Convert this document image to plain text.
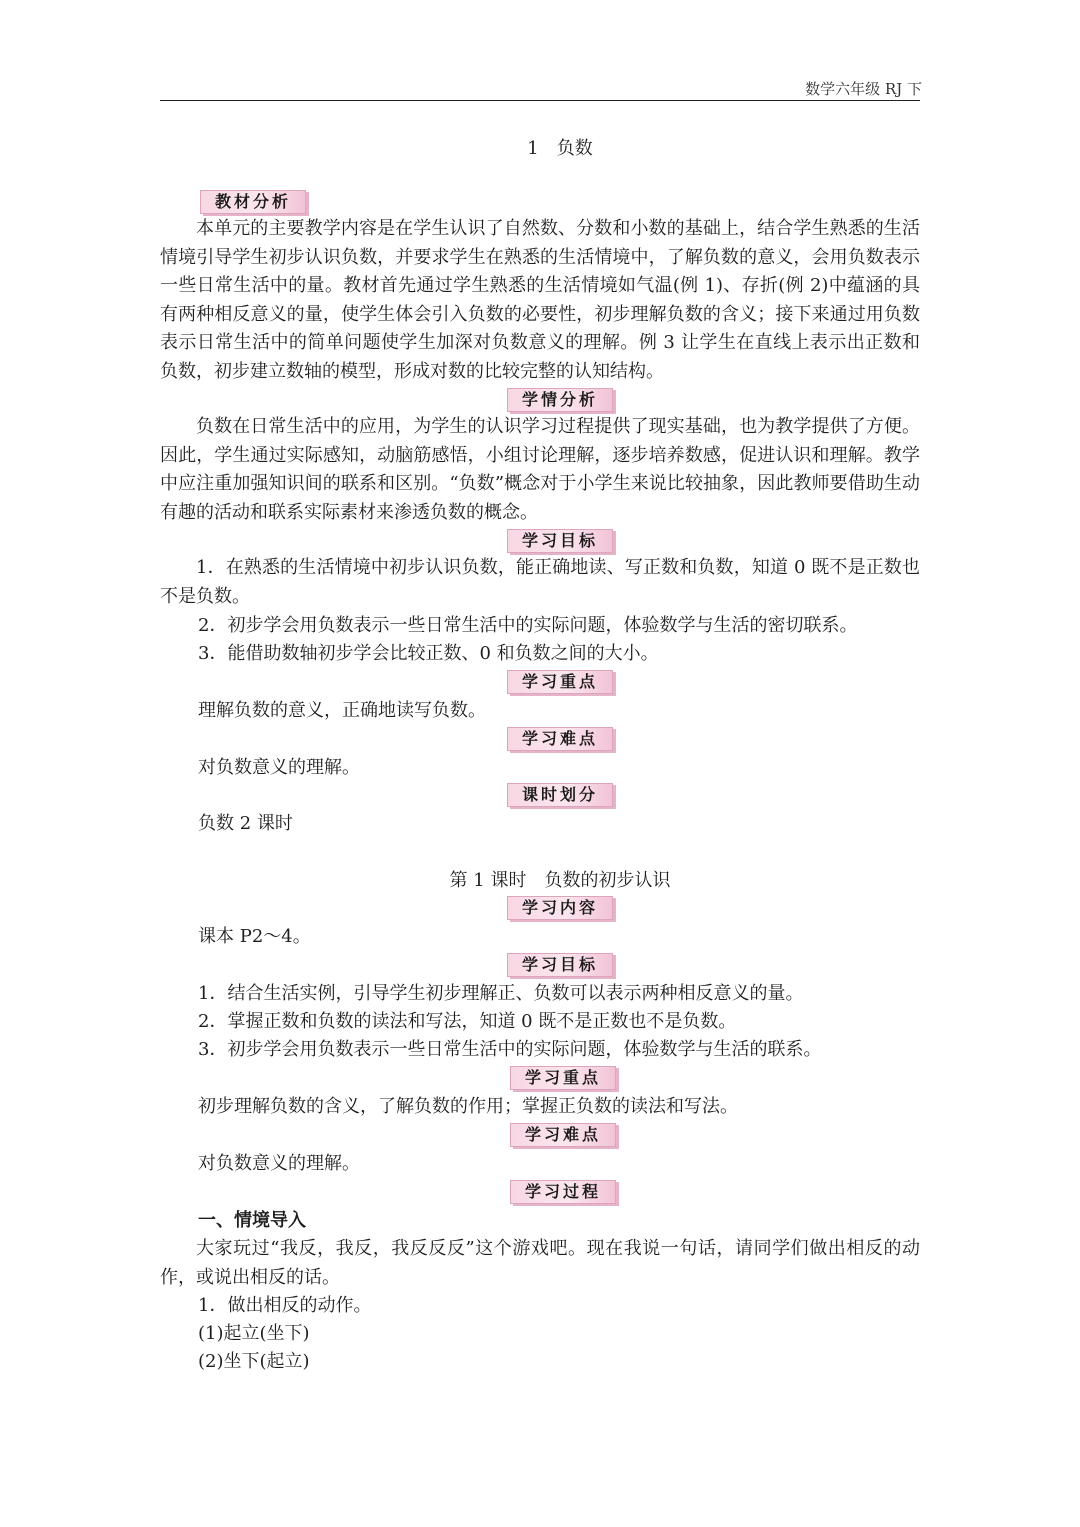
数学六年级 RJ 下
1　负数
教材分析
本单元的主要教学内容是在学生认识了自然数、分数和小数的基础上，结合学生熟悉的生活情境引导学生初步认识负数，并要求学生在熟悉的生活情境中，了解负数的意义，会用负数表示一些日常生活中的量。教材首先通过学生熟悉的生活情境如气温(例 1)、存折(例 2)中蕴涵的具有两种相反意义的量，使学生体会引入负数的必要性，初步理解负数的含义；接下来通过用负数表示日常生活中的简单问题使学生加深对负数意义的理解。例 3 让学生在直线上表示出正数和负数，初步建立数轴的模型，形成对数的比较完整的认知结构。
学情分析
负数在日常生活中的应用，为学生的认识学习过程提供了现实基础，也为教学提供了方便。因此，学生通过实际感知，动脑筋感悟，小组讨论理解，逐步培养数感，促进认识和理解。教学中应注重加强知识间的联系和区别。“负数”概念对于小学生来说比较抽象，因此教师要借助生动有趣的活动和联系实际素材来渗透负数的概念。
学习目标
1．在熟悉的生活情境中初步认识负数，能正确地读、写正数和负数，知道 0 既不是正数也不是负数。
2．初步学会用负数表示一些日常生活中的实际问题，体验数学与生活的密切联系。
3．能借助数轴初步学会比较正数、0 和负数之间的大小。
学习重点
理解负数的意义，正确地读写负数。
学习难点
对负数意义的理解。
课时划分
负数 2 课时
第 1 课时　负数的初步认识
学习内容
课本 P2～4。
学习目标
1．结合生活实例，引导学生初步理解正、负数可以表示两种相反意义的量。
2．掌握正数和负数的读法和写法，知道 0 既不是正数也不是负数。
3．初步学会用负数表示一些日常生活中的实际问题，体验数学与生活的联系。
学习重点
初步理解负数的含义，了解负数的作用；掌握正负数的读法和写法。
学习难点
对负数意义的理解。
学习过程
一、情境导入
大家玩过“我反，我反，我反反反”这个游戏吧。现在我说一句话，请同学们做出相反的动作，或说出相反的话。
1．做出相反的动作。
(1)起立(坐下)
(2)坐下(起立)
